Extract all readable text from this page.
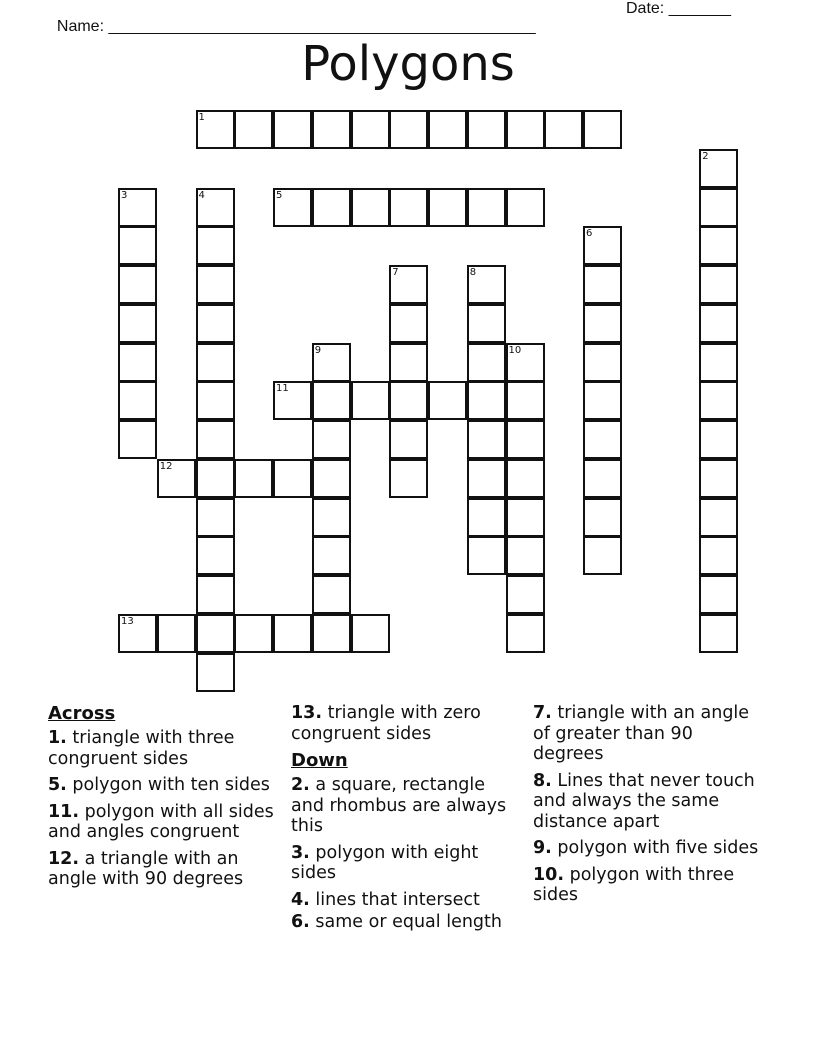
Name: ________________________________________________

Date: _______

Polygons
1
2
3	4	5
6
7	8
9	10
11
12
13
Across
1. triangle with three congruent sides
5. polygon with ten sides
11. polygon with all sides and angles congruent
12. a triangle with an angle with 90 degrees
13. triangle with zero congruent sides
Down
2. a square, rectangle and rhombus are always this
3. polygon with eight sides
4. lines that intersect
6. same or equal length
7. triangle with an angle of greater than 90 degrees
8. Lines that never touch and always the same distance apart
9. polygon with five sides
10. polygon with three sides
